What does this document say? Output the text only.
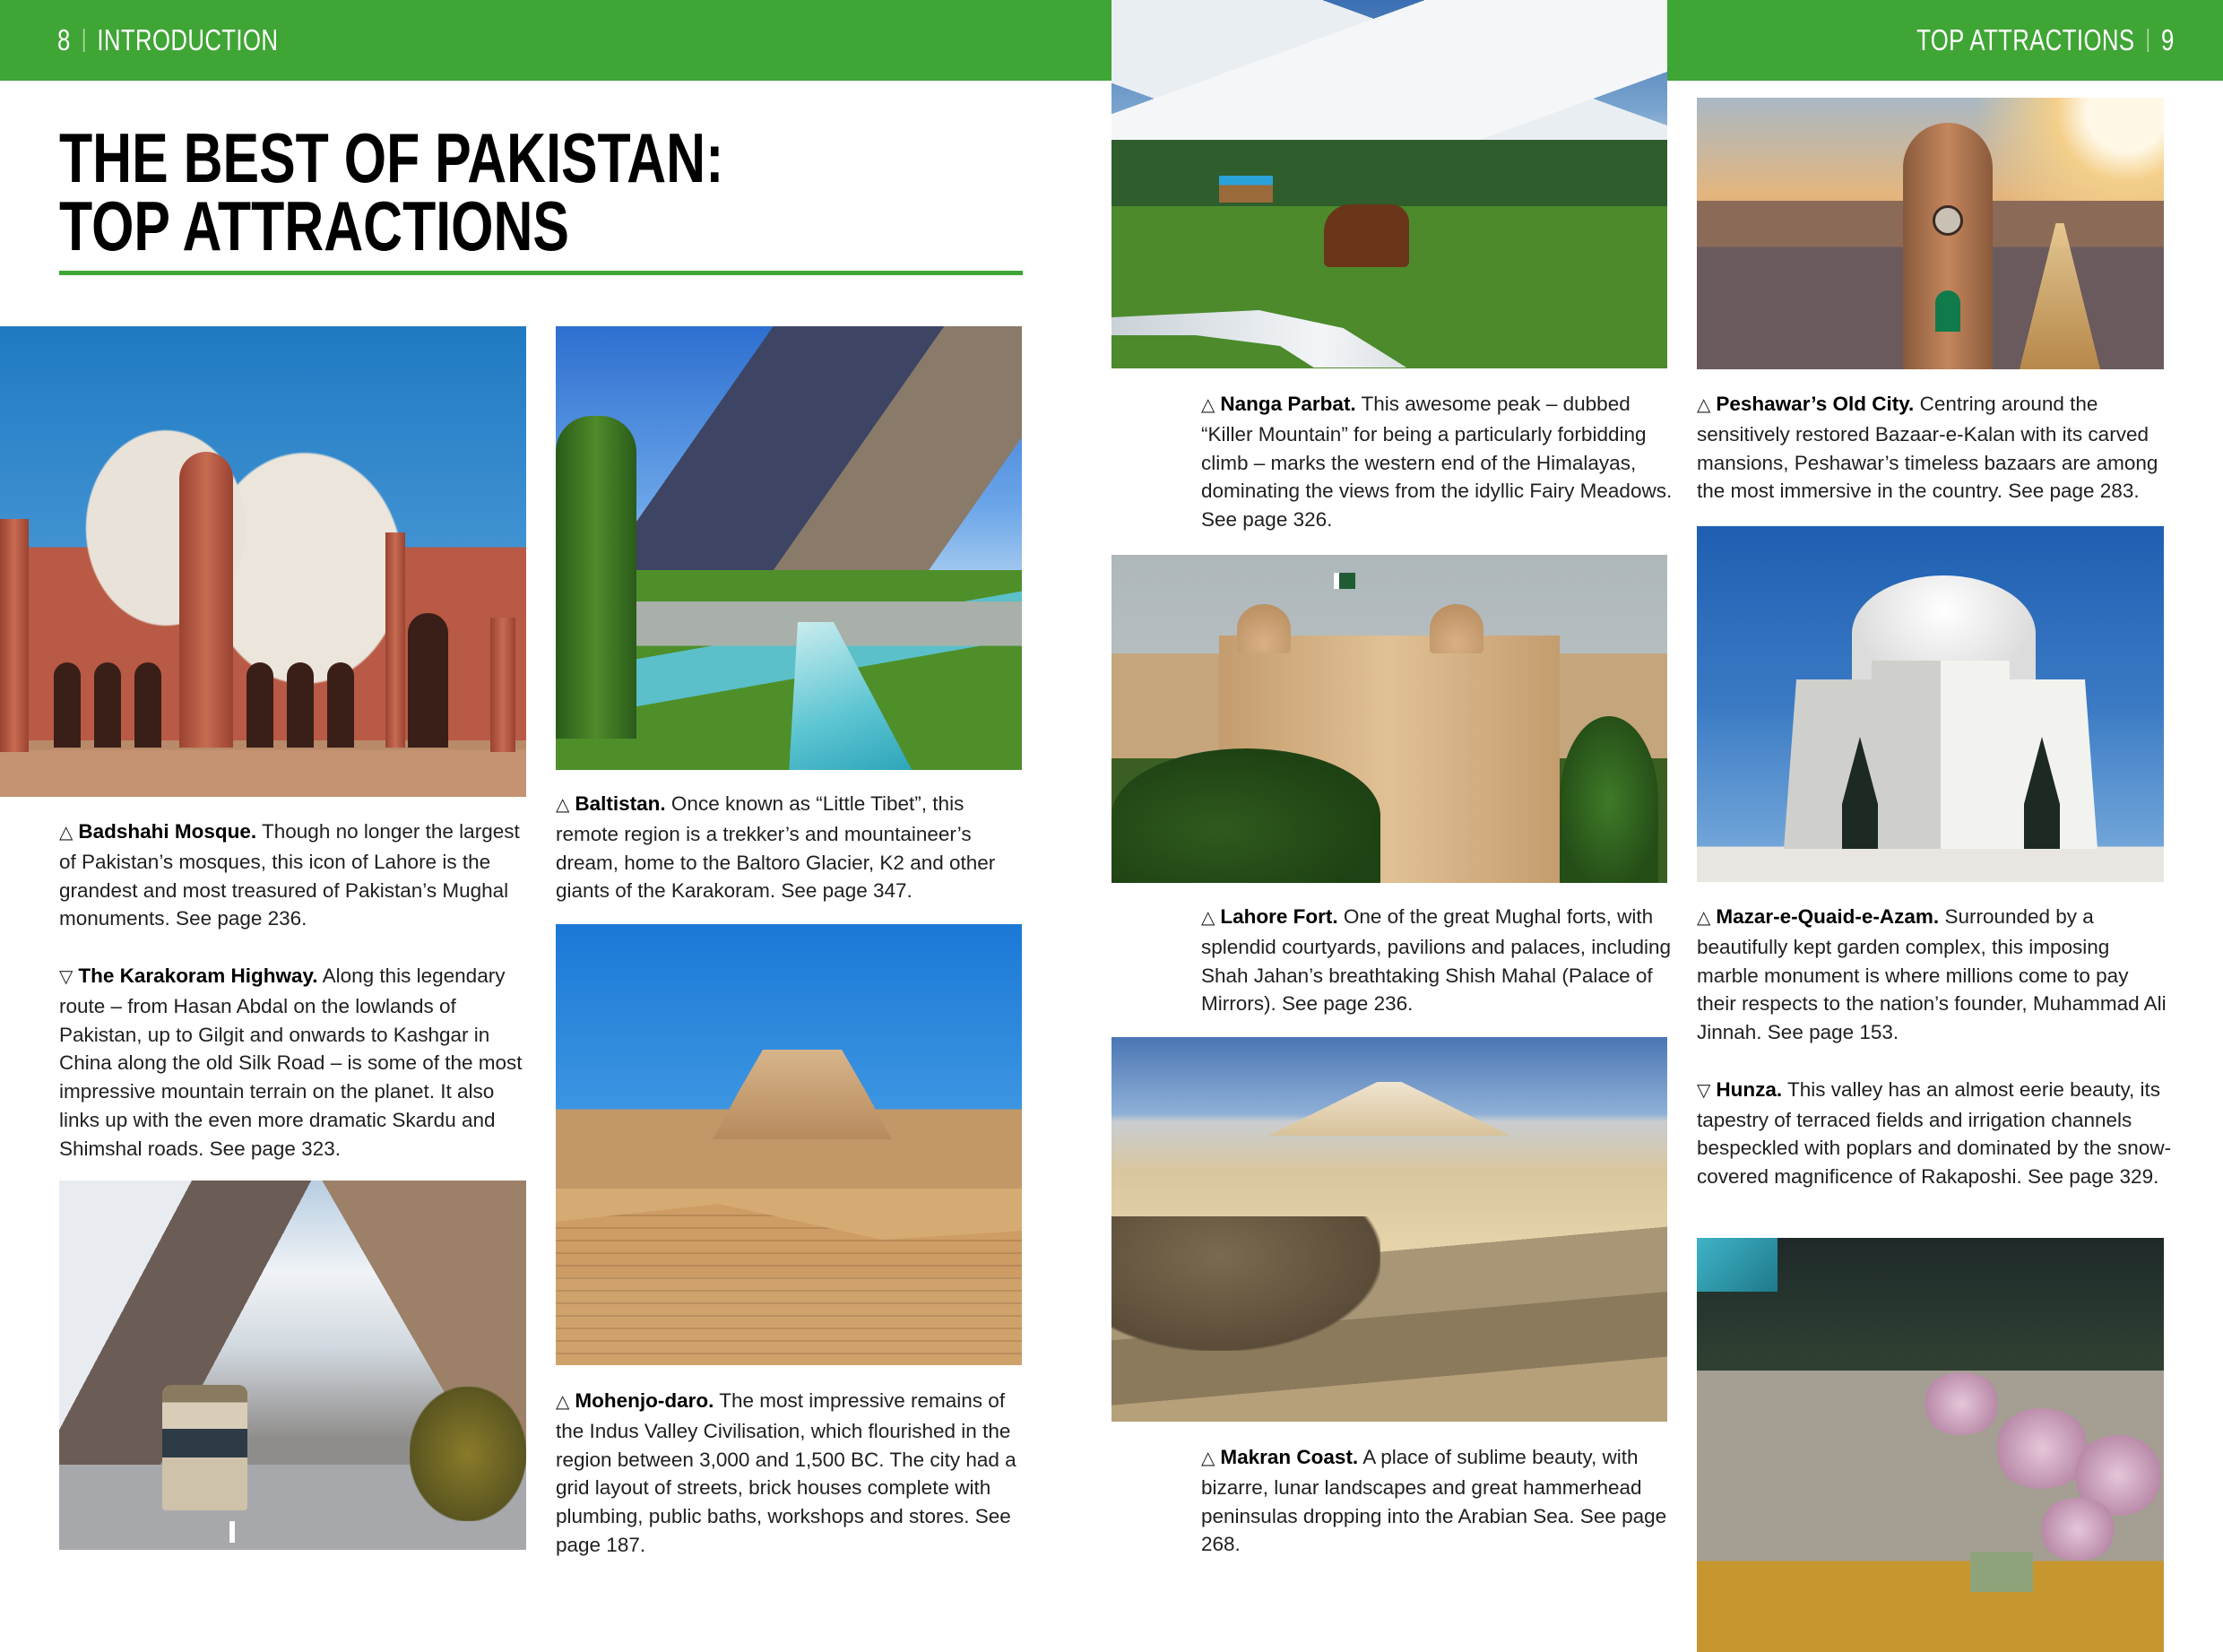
8 INTRODUCTION	TOP ATTRACTIONS 9
THE BEST OF PAKISTAN:
TOP ATTRACTIONS

△ Badshahi Mosque. Though no longer the largest of Pakistan’s mosques, this icon of Lahore is the grandest and most treasured of Pakistan’s Mughal monuments. See page 236.

▽ The Karakoram Highway. Along this legendary route – from Hasan Abdal on the lowlands of Pakistan, up to Gilgit and onwards to Kashgar in China along the old Silk Road – is some of the most impressive mountain terrain on the planet. It also links up with the even more dramatic Skardu and Shimshal roads. See page 323.

△ Baltistan. Once known as “Little Tibet”, this remote region is a trekker’s and mountaineer’s dream, home to the Baltoro Glacier, K2 and other giants of the Karakoram. See page 347.

△ Mohenjo-daro. The most impressive remains of the Indus Valley Civilisation, which flourished in the region between 3,000 and 1,500 BC. The city had a grid layout of streets, brick houses complete with plumbing, public baths, workshops and stores. See page 187.

△ Nanga Parbat. This awesome peak – dubbed “Killer Mountain” for being a particularly forbidding climb – marks the western end of the Himalayas, dominating the views from the idyllic Fairy Meadows. See page 326.

△ Lahore Fort. One of the great Mughal forts, with splendid courtyards, pavilions and palaces, including Shah Jahan’s breathtaking Shish Mahal (Palace of Mirrors). See page 236.

△ Makran Coast. A place of sublime beauty, with bizarre, lunar landscapes and great hammerhead peninsulas dropping into the Arabian Sea. See page 268.

△ Peshawar’s Old City. Centring around the sensitively restored Bazaar-e-Kalan with its carved mansions, Peshawar’s timeless bazaars are among the most immersive in the country. See page 283.

△ Mazar-e-Quaid-e-Azam. Surrounded by a beautifully kept garden complex, this imposing marble monument is where millions come to pay their respects to the nation’s founder, Muhammad Ali Jinnah. See page 153.

▽ Hunza. This valley has an almost eerie beauty, its tapestry of terraced fields and irrigation channels bespeckled with poplars and dominated by the snow-covered magnificence of Rakaposhi. See page 329.
